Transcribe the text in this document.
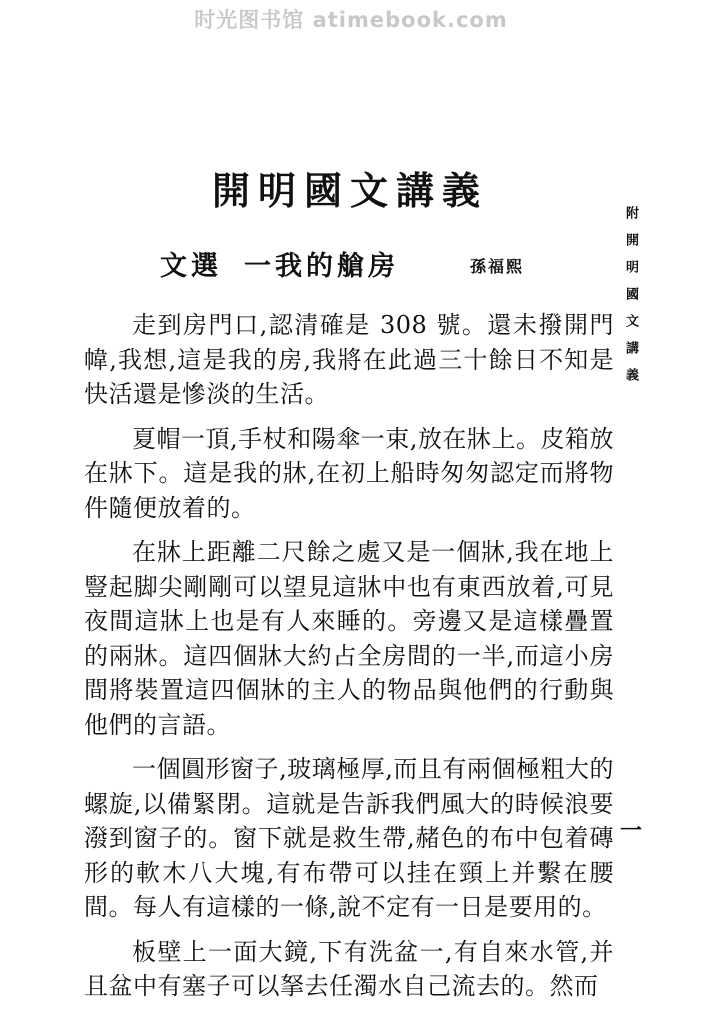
时光图书馆 atimebook.com
開明國文講義
文選 一我的艙房	孫福熙

走到房門口,認清確是 308 號。還未撥開門幃,我想,這是我的房,我將在此過三十餘日不知是快活還是慘淡的生活。

夏帽一頂,手杖和陽傘一束,放在牀上。皮箱放在牀下。這是我的牀,在初上船時匆匆認定而將物件隨便放着的。

在牀上距離二尺餘之處又是一個牀,我在地上豎起脚尖剛剛可以望見這牀中也有東西放着,可見夜間這牀上也是有人來睡的。旁邊又是這樣疊置的兩牀。這四個牀大約占全房間的一半,而這小房間將裝置這四個牀的主人的物品與他們的行動與他們的言語。

一個圓形窗子,玻璃極厚,而且有兩個極粗大的螺旋,以備緊閉。這就是告訴我們風大的時候浪要潑到窗子的。窗下就是救生帶,赭色的布中包着磚形的軟木八大塊,有布帶可以挂在頸上并繫在腰間。每人有這樣的一條,說不定有一日是要用的。

板壁上一面大鏡,下有洗盆一,有自來水管,并且盆中有塞子可以拏去任濁水自己流去的。然而

附開明國文講義
一
